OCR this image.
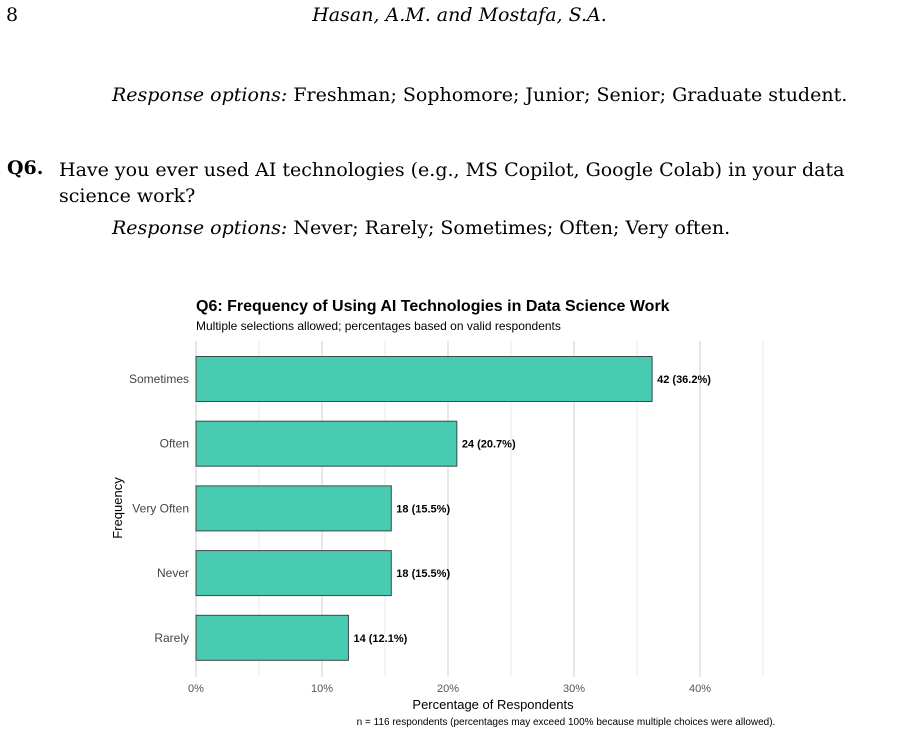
8	Hasan, A.M. and Mostafa, S.A.
Response options: Freshman; Sophomore; Junior; Senior; Graduate student.
Q6. Have you ever used AI technologies (e.g., MS Copilot, Google Colab) in your data science work?
Response options: Never; Rarely; Sometimes; Often; Very often.
Q6: Frequency of Using AI Technologies in Data Science Work
Multiple selections allowed; percentages based on valid respondents
Sometimes
Often
Very Often
Never
Rarely
42 (36.2%)
24 (20.7%)
18 (15.5%)
18 (15.5%)
14 (12.1%)
0%	10%	20%	30%	40%
Percentage of Respondents
Frequency
n = 116 respondents (percentages may exceed 100% because multiple choices were allowed).
